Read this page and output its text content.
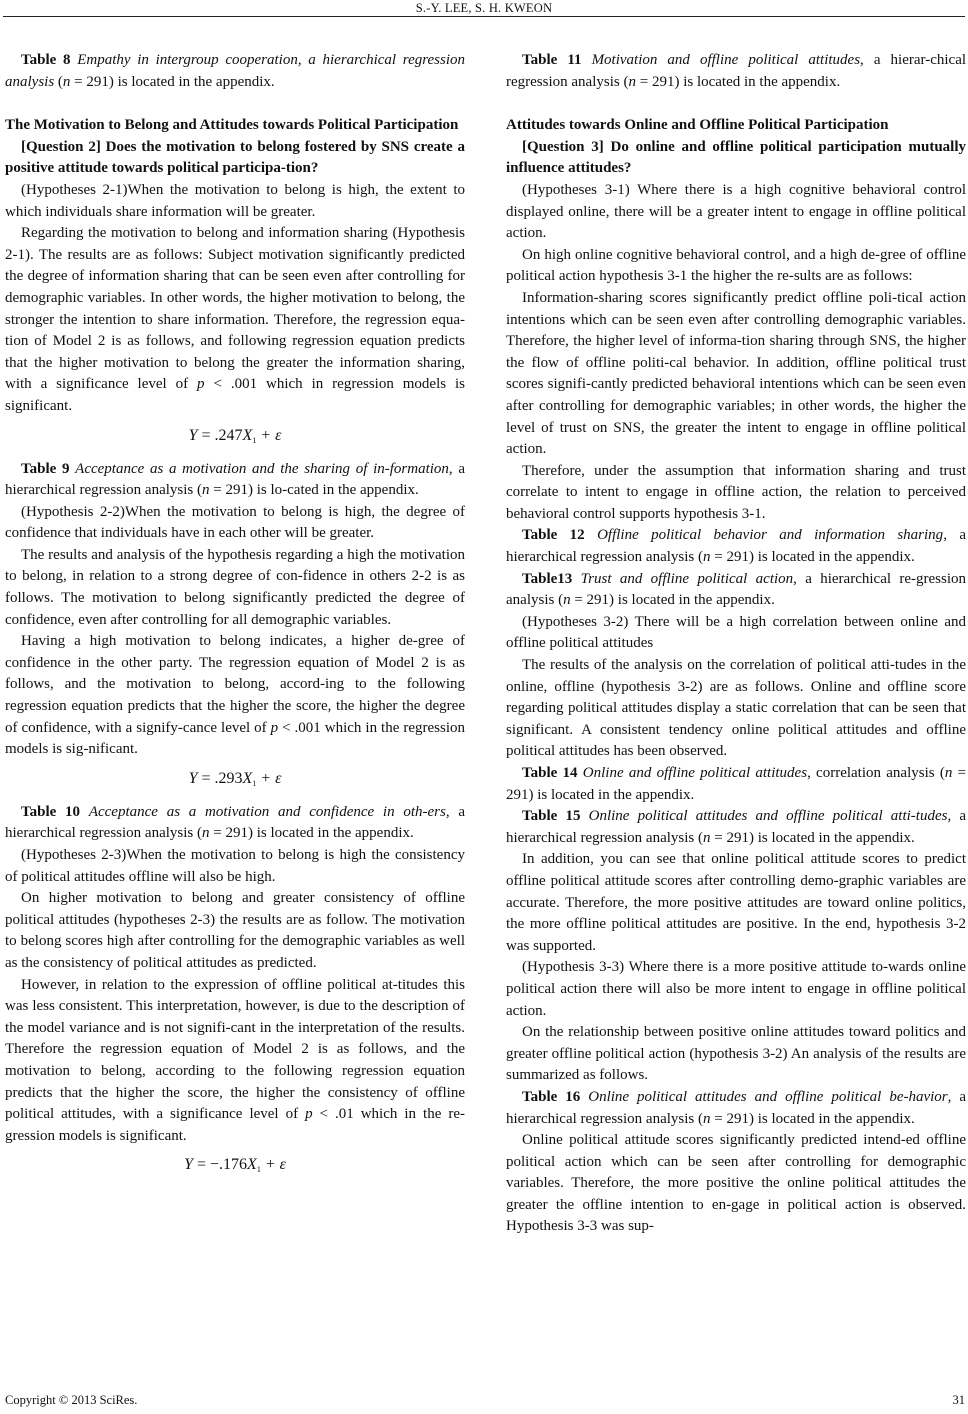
S.-Y. LEE, S. H. KWEON

Table 8 Empathy in intergroup cooperation, a hierarchical regression analysis (n = 291) is located in the appendix.

The Motivation to Belong and Attitudes towards Political Participation

[Question 2] Does the motivation to belong fostered by SNS create a positive attitude towards political participa-tion?

(Hypotheses 2-1)When the motivation to belong is high, the extent to which individuals share information will be greater.

Regarding the motivation to belong and information sharing (Hypothesis 2-1). The results are as follows: Subject motivation significantly predicted the degree of information sharing that can be seen even after controlling for demographic variables. In other words, the higher motivation to belong, the stronger the intention to share information. Therefore, the regression equa-tion of Model 2 is as follows, and following regression equation predicts that the higher motivation to belong the greater the information sharing, with a significance level of p < .001 which in regression models is significant.

$Y = .247X_1 + \varepsilon$

Table 9 Acceptance as a motivation and the sharing of in-formation, a hierarchical regression analysis (n = 291) is lo-cated in the appendix.

(Hypothesis 2-2)When the motivation to belong is high, the degree of confidence that individuals have in each other will be greater.

The results and analysis of the hypothesis regarding a high the motivation to belong, in relation to a strong degree of con-fidence in others 2-2 is as follows. The motivation to belong significantly predicted the degree of confidence, even after controlling for all demographic variables.

Having a high motivation to belong indicates, a higher de-gree of confidence in the other party. The regression equation of Model 2 is as follows, and the motivation to belong, accord-ing to the following regression equation predicts that the higher the score, the higher the degree of confidence, with a signify-cance level of p < .001 which in the regression models is sig-nificant.

$Y = .293X_1 + \varepsilon$

Table 10 Acceptance as a motivation and confidence in oth-ers, a hierarchical regression analysis (n = 291) is located in the appendix.

(Hypotheses 2-3)When the motivation to belong is high the consistency of political attitudes offline will also be high.

On higher motivation to belong and greater consistency of offline political attitudes (hypotheses 2-3) the results are as follow. The motivation to belong scores high after controlling for the demographic variables as well as the consistency of political attitudes as predicted.

However, in relation to the expression of offline political at-titudes this was less consistent. This interpretation, however, is due to the description of the model variance and is not signifi-cant in the interpretation of the results. Therefore the regression equation of Model 2 is as follows, and the motivation to belong, according to the following regression equation predicts that the higher the score, the higher the consistency of offline political attitudes, with a significance level of p < .01 which in the re-gression models is significant.

$Y = -.176X_1 + \varepsilon$

Table 11 Motivation and offline political attitudes, a hierar-chical regression analysis (n = 291) is located in the appendix.

Attitudes towards Online and Offline Political Participation

[Question 3] Do online and offline political participation mutually influence attitudes?

(Hypotheses 3-1) Where there is a high cognitive behavioral control displayed online, there will be a greater intent to engage in offline political action.

On high online cognitive behavioral control, and a high de-gree of offline political action hypothesis 3-1 the higher the re-sults are as follows:

Information-sharing scores significantly predict offline poli-tical action intentions which can be seen even after controlling demographic variables. Therefore, the higher level of informa-tion sharing through SNS, the higher the flow of offline politi-cal behavior. In addition, offline political trust scores signifi-cantly predicted behavioral intentions which can be seen even after controlling for demographic variables; in other words, the higher the level of trust on SNS, the greater the intent to engage in offline political action.

Therefore, under the assumption that information sharing and trust correlate to intent to engage in offline action, the relation to perceived behavioral control supports hypothesis 3-1.

Table 12 Offline political behavior and information sharing, a hierarchical regression analysis (n = 291) is located in the appendix.

Table13 Trust and offline political action, a hierarchical re-gression analysis (n = 291) is located in the appendix.

(Hypotheses 3-2) There will be a high correlation between online and offline political attitudes

The results of the analysis on the correlation of political atti-tudes in the online, offline (hypothesis 3-2) are as follows. Online and offline score regarding political attitudes display a static correlation that can be seen that significant. A consistent tendency online political attitudes and offline political attitudes has been observed.

Table 14 Online and offline political attitudes, correlation analysis (n = 291) is located in the appendix.

Table 15 Online political attitudes and offline political atti-tudes, a hierarchical regression analysis (n = 291) is located in the appendix.

In addition, you can see that online political attitude scores to predict offline political attitude scores after controlling demo-graphic variables are accurate. Therefore, the more positive attitudes are toward online politics, the more offline political attitudes are positive. In the end, hypothesis 3-2 was supported.

(Hypothesis 3-3) Where there is a more positive attitude to-wards online political action there will also be more intent to engage in offline political action.

On the relationship between positive online attitudes toward politics and greater offline political action (hypothesis 3-2) An analysis of the results are summarized as follows.

Table 16 Online political attitudes and offline political be-havior, a hierarchical regression analysis (n = 291) is located in the appendix.

Online political attitude scores significantly predicted intend-ed offline political action which can be seen after controlling for demographic variables. Therefore, the more positive the online political attitudes the greater the offline intention to en-gage in political action is observed. Hypothesis 3-3 was sup-

Copyright © 2013 SciRes.	31
